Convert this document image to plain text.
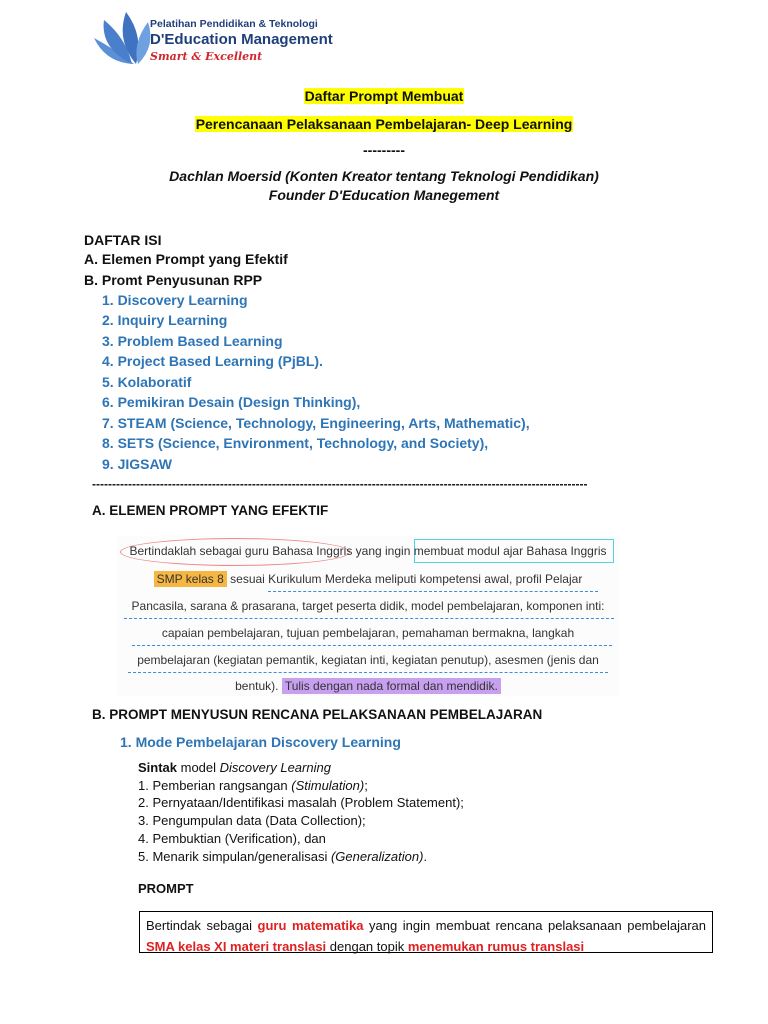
Pelatihan Pendidikan & Teknologi
D'Education Management
Smart & Excellent
Daftar Prompt Membuat
Perencanaan Pelaksanaan Pembelajaran- Deep Learning
---------
Dachlan Moersid (Konten Kreator tentang Teknologi Pendidikan)
Founder D'Education Manegement
DAFTAR ISI
A. Elemen Prompt yang Efektif
B. Promt Penyusunan RPP
1. Discovery Learning
2. Inquiry Learning
3. Problem Based Learning
4. Project Based Learning (PjBL).
5. Kolaboratif
6. Pemikiran Desain (Design Thinking),
7. STEAM (Science, Technology, Engineering, Arts, Mathematic),
8. SETS (Science, Environment, Technology, and Society),
9. JIGSAW
----------------------------------------------------------------------------------------------------------------------------
A. ELEMEN PROMPT YANG EFEKTIF
Bertindaklah sebagai guru Bahasa Inggris yang ingin membuat modul ajar Bahasa Inggris
SMP kelas 8 sesuai Kurikulum Merdeka meliputi kompetensi awal, profil Pelajar
Pancasila, sarana & prasarana, target peserta didik, model pembelajaran, komponen inti:
capaian pembelajaran, tujuan pembelajaran, pemahaman bermakna, langkah
pembelajaran (kegiatan pemantik, kegiatan inti, kegiatan penutup), asesmen (jenis dan
bentuk). Tulis dengan nada formal dan mendidik.
B. PROMPT MENYUSUN RENCANA PELAKSANAAN PEMBELAJARAN
1. Mode Pembelajaran Discovery Learning
Sintak model Discovery Learning
1. Pemberian rangsangan (Stimulation);
2. Pernyataan/Identifikasi masalah (Problem Statement);
3. Pengumpulan data (Data Collection);
4. Pembuktian (Verification), dan
5. Menarik simpulan/generalisasi (Generalization).
PROMPT
Bertindak sebagai guru matematika yang ingin membuat rencana pelaksanaan pembelajaran SMA kelas XI materi translasi dengan topik menemukan rumus translasi
